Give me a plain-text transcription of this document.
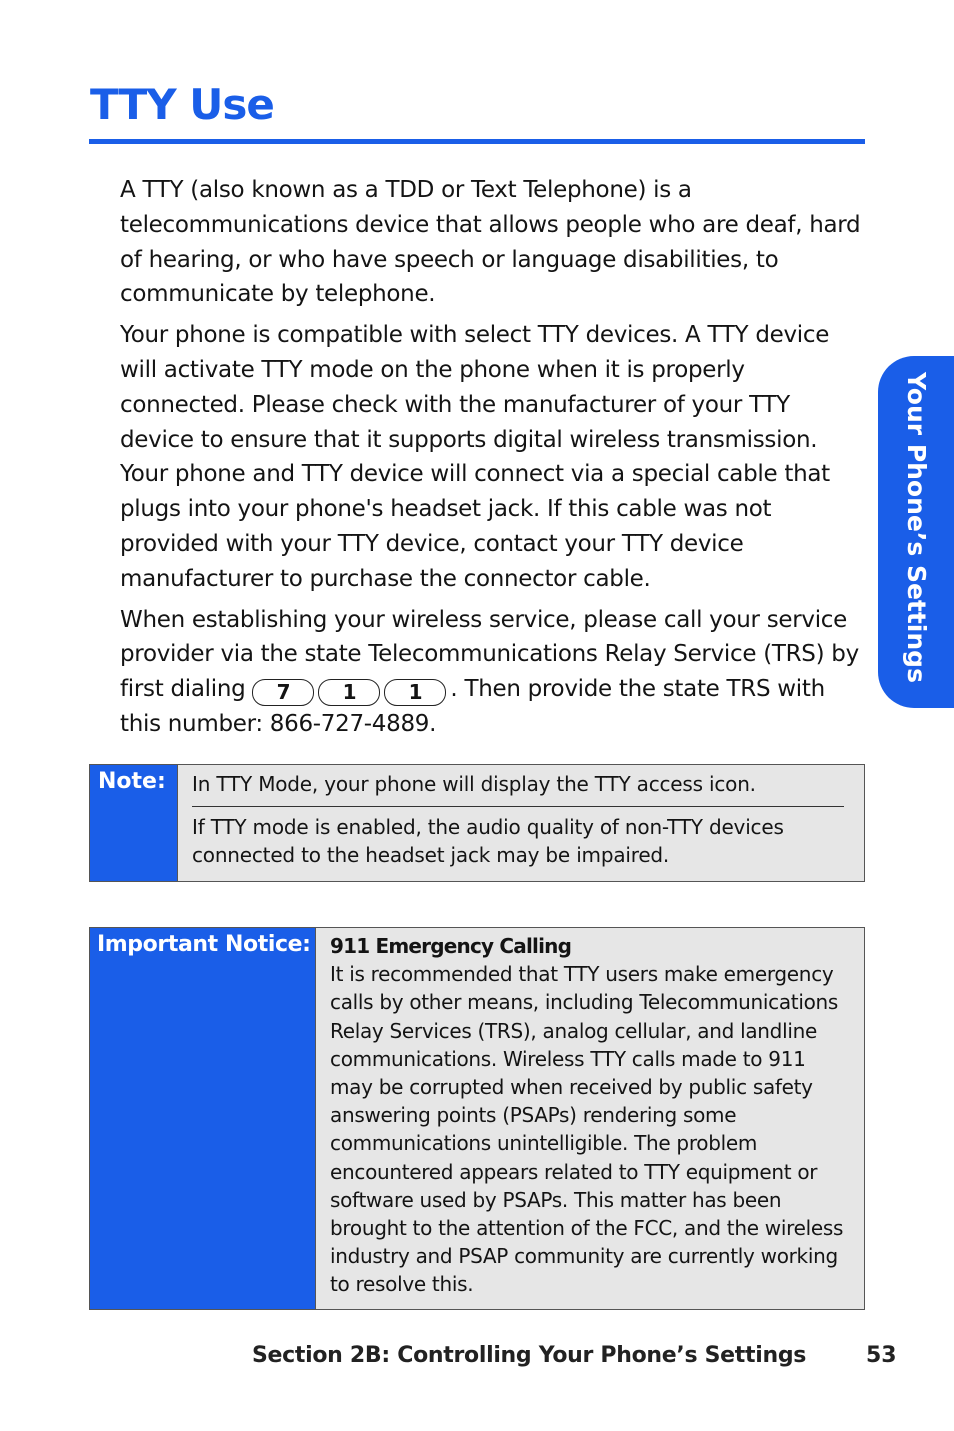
TTY Use

A TTY (also known as a TDD or Text Telephone) is a telecommunications device that allows people who are deaf, hard of hearing, or who have speech or language disabilities, to communicate by telephone.

Your phone is compatible with select TTY devices. A TTY device will activate TTY mode on the phone when it is properly connected. Please check with the manufacturer of your TTY device to ensure that it supports digital wireless transmission. Your phone and TTY device will connect via a special cable that plugs into your phone's headset jack. If this cable was not provided with your TTY device, contact your TTY device manufacturer to purchase the connector cable.

When establishing your wireless service, please call your service provider via the state Telecommunications Relay Service (TRS) by first dialing 7	1	1 . Then provide the state TRS with this number: 866-727-4889.

Your Phone’s Settings
Note:	In TTY Mode, your phone will display the TTY access icon.
If TTY mode is enabled, the audio quality of non-TTY devices connected to the headset jack may be impaired.
Important Notice: 911 Emergency Calling
It is recommended that TTY users make emergency calls by other means, including Telecommunications Relay Services (TRS), analog cellular, and landline communications. Wireless TTY calls made to 911 may be corrupted when received by public safety answering points (PSAPs) rendering some communications unintelligible. The problem encountered appears related to TTY equipment or software used by PSAPs. This matter has been brought to the attention of the FCC, and the wireless industry and PSAP community are currently working to resolve this.
Section 2B: Controlling Your Phone’s Settings	53
